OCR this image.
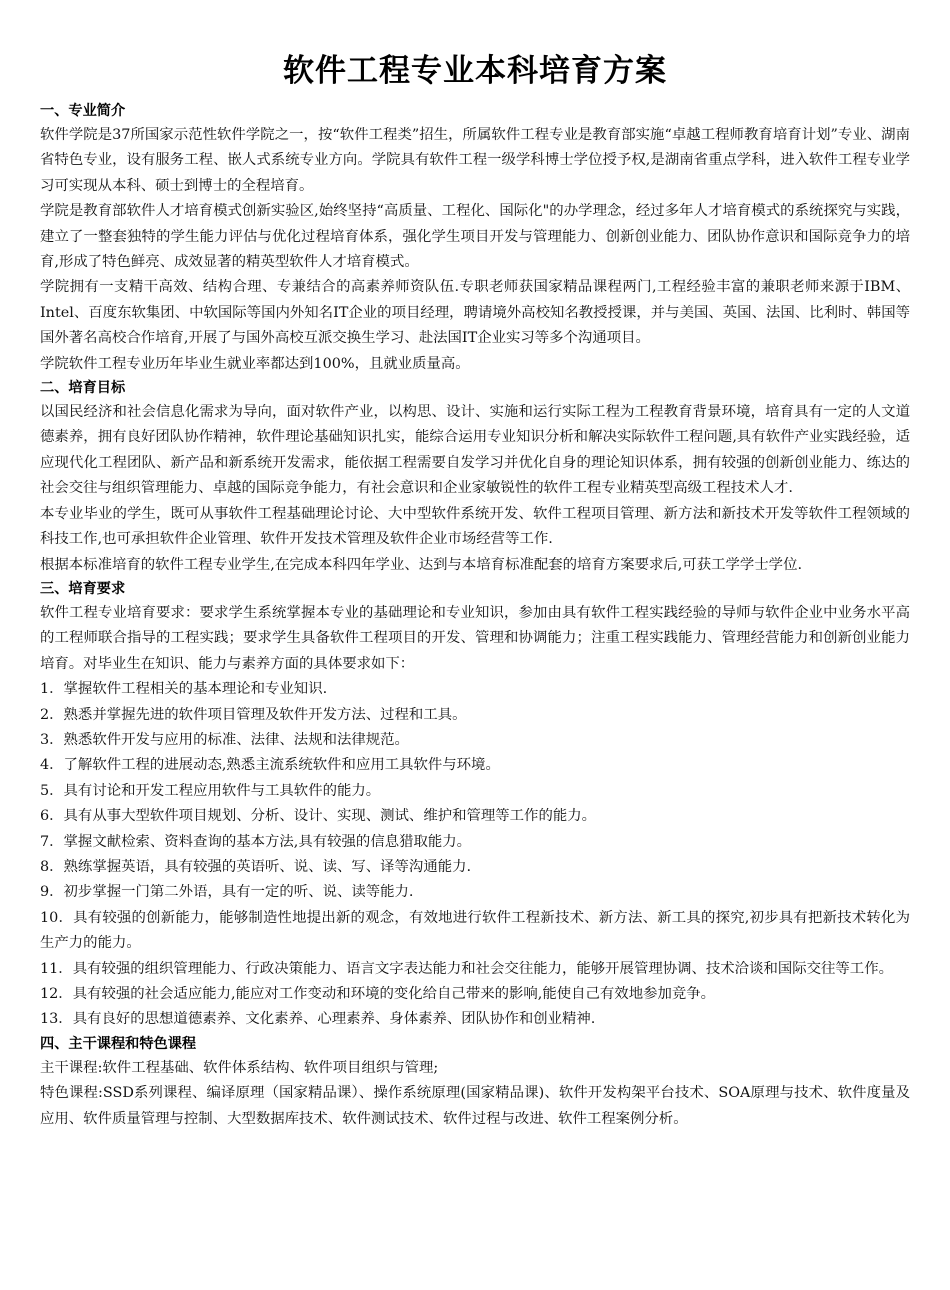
软件工程专业本科培育方案
一、专业简介

软件学院是37所国家示范性软件学院之一，按“软件工程类”招生，所属软件工程专业是教育部实施“卓越工程师教育培育计划”专业、湖南省特色专业，设有服务工程、嵌人式系统专业方向。学院具有软件工程一级学科博士学位授予权,是湖南省重点学科，进入软件工程专业学习可实现从本科、硕士到博士的全程培育。

学院是教育部软件人才培育模式创新实验区,始终坚持“高质量、工程化、国际化"的办学理念，经过多年人才培育模式的系统探究与实践，建立了一整套独特的学生能力评估与优化过程培育体系，强化学生项目开发与管理能力、创新创业能力、团队协作意识和国际竞争力的培育,形成了特色鲜亮、成效显著的精英型软件人才培育模式。

学院拥有一支精干高效、结构合理、专兼结合的高素养师资队伍.专职老师获国家精品课程两门,工程经验丰富的兼职老师来源于IBM、Intel、百度东软集团、中软国际等国内外知名IT企业的项目经理，聘请境外高校知名教授授课，并与美国、英国、法国、比利时、韩国等国外著名高校合作培育,开展了与国外高校互派交换生学习、赴法国IT企业实习等多个沟通项目。

学院软件工程专业历年毕业生就业率都达到100%，且就业质量高。

二、培育目标

以国民经济和社会信息化需求为导向，面对软件产业，以构思、设计、实施和运行实际工程为工程教育背景环境，培育具有一定的人文道德素养，拥有良好团队协作精神，软件理论基础知识扎实，能综合运用专业知识分析和解决实际软件工程问题,具有软件产业实践经验，适应现代化工程团队、新产品和新系统开发需求，能依据工程需要自发学习并优化自身的理论知识体系，拥有较强的创新创业能力、练达的社会交往与组织管理能力、卓越的国际竞争能力，有社会意识和企业家敏锐性的软件工程专业精英型高级工程技术人才.

本专业毕业的学生，既可从事软件工程基础理论讨论、大中型软件系统开发、软件工程项目管理、新方法和新技术开发等软件工程领域的科技工作,也可承担软件企业管理、软件开发技术管理及软件企业市场经营等工作.

根据本标准培育的软件工程专业学生,在完成本科四年学业、达到与本培育标准配套的培育方案要求后,可获工学学士学位.

三、培育要求

软件工程专业培育要求：要求学生系统掌握本专业的基础理论和专业知识，参加由具有软件工程实践经验的导师与软件企业中业务水平高的工程师联合指导的工程实践；要求学生具备软件工程项目的开发、管理和协调能力；注重工程实践能力、管理经营能力和创新创业能力培育。对毕业生在知识、能力与素养方面的具体要求如下：

1．掌握软件工程相关的基本理论和专业知识.

2．熟悉并掌握先进的软件项目管理及软件开发方法、过程和工具。

3．熟悉软件开发与应用的标准、法律、法规和法律规范。

4．了解软件工程的进展动态,熟悉主流系统软件和应用工具软件与环境。

5．具有讨论和开发工程应用软件与工具软件的能力。

6．具有从事大型软件项目规划、分析、设计、实现、测试、维护和管理等工作的能力。

7．掌握文献检索、资料查询的基本方法,具有较强的信息猎取能力。

8．熟练掌握英语，具有较强的英语听、说、读、写、译等沟通能力.

9．初步掌握一门第二外语，具有一定的听、说、读等能力.

10．具有较强的创新能力，能够制造性地提出新的观念，有效地进行软件工程新技术、新方法、新工具的探究,初步具有把新技术转化为生产力的能力。

11．具有较强的组织管理能力、行政决策能力、语言文字表达能力和社会交往能力，能够开展管理协调、技术洽谈和国际交往等工作。

12．具有较强的社会适应能力,能应对工作变动和环境的变化给自己带来的影响,能使自己有效地参加竞争。

13．具有良好的思想道德素养、文化素养、心理素养、身体素养、团队协作和创业精神.

四、主干课程和特色课程

主干课程:软件工程基础、软件体系结构、软件项目组织与管理;

特色课程:SSD系列课程、编译原理（国家精品课）、操作系统原理(国家精品课)、软件开发构架平台技术、SOA原理与技术、软件度量及应用、软件质量管理与控制、大型数据库技术、软件测试技术、软件过程与改进、软件工程案例分析。
